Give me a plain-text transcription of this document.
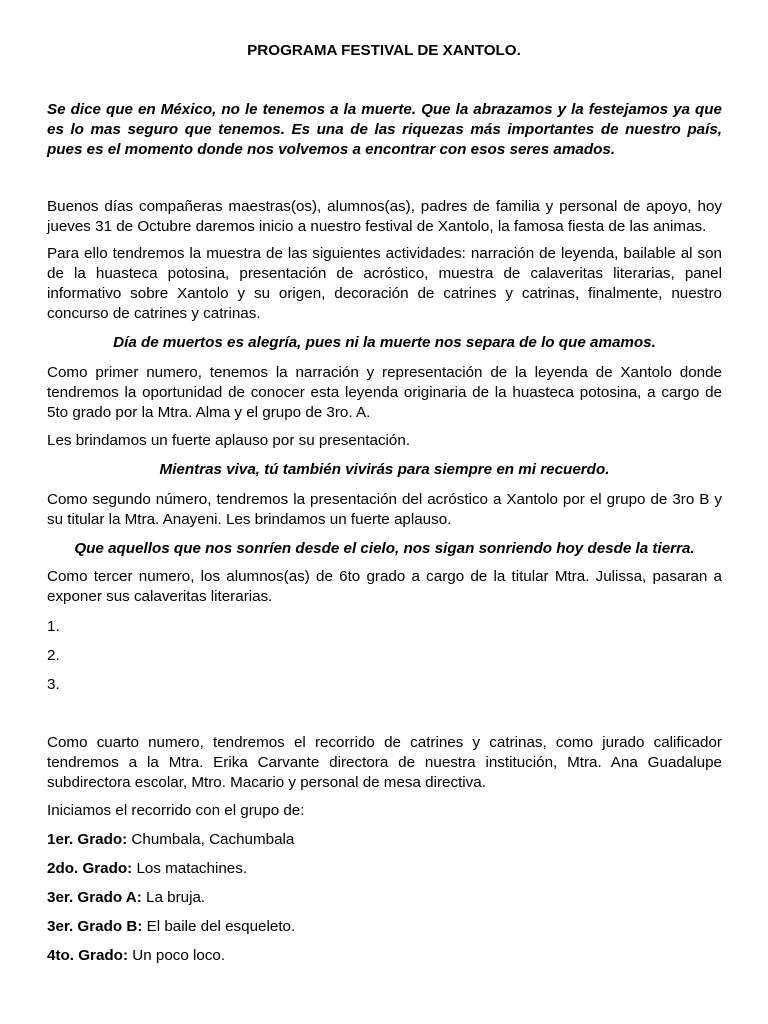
PROGRAMA FESTIVAL DE XANTOLO.

Se dice que en México, no le tenemos a la muerte. Que la abrazamos y la festejamos ya que es lo mas seguro que tenemos. Es una de las riquezas más importantes de nuestro país, pues es el momento donde nos volvemos a encontrar con esos seres amados.

Buenos días compañeras maestras(os), alumnos(as), padres de familia y personal de apoyo, hoy jueves 31 de Octubre daremos inicio a nuestro festival de Xantolo, la famosa fiesta de las animas.

Para ello tendremos la muestra de las siguientes actividades: narración de leyenda, bailable al son de la huasteca potosina, presentación de acróstico, muestra de calaveritas literarias, panel informativo sobre Xantolo y su origen, decoración de catrines y catrinas, finalmente, nuestro concurso de catrines y catrinas.

Día de muertos es alegría, pues ni la muerte nos separa de lo que amamos.

Como primer numero, tenemos la narración y representación de la leyenda de Xantolo donde tendremos la oportunidad de conocer esta leyenda originaria de la huasteca potosina, a cargo de 5to grado por la Mtra. Alma y el grupo de 3ro. A.

Les brindamos un fuerte aplauso por su presentación.

Mientras viva, tú también vivirás para siempre en mi recuerdo.

Como segundo número, tendremos la presentación del acróstico a Xantolo por el grupo de 3ro B y su titular la Mtra. Anayeni. Les brindamos un fuerte aplauso.

Que aquellos que nos sonríen desde el cielo, nos sigan sonriendo hoy desde la tierra.

Como tercer numero, los alumnos(as) de 6to grado a cargo de la titular Mtra. Julissa, pasaran a exponer sus calaveritas literarias.

1.

2.

3.

Como cuarto numero, tendremos el recorrido de catrines y catrinas, como jurado calificador tendremos a la Mtra. Erika Carvante directora de nuestra institución, Mtra. Ana Guadalupe subdirectora escolar, Mtro. Macario y personal de mesa directiva.

Iniciamos el recorrido con el grupo de:

1er. Grado: Chumbala, Cachumbala

2do. Grado: Los matachines.

3er. Grado A: La bruja.

3er. Grado B: El baile del esqueleto.

4to. Grado: Un poco loco.
